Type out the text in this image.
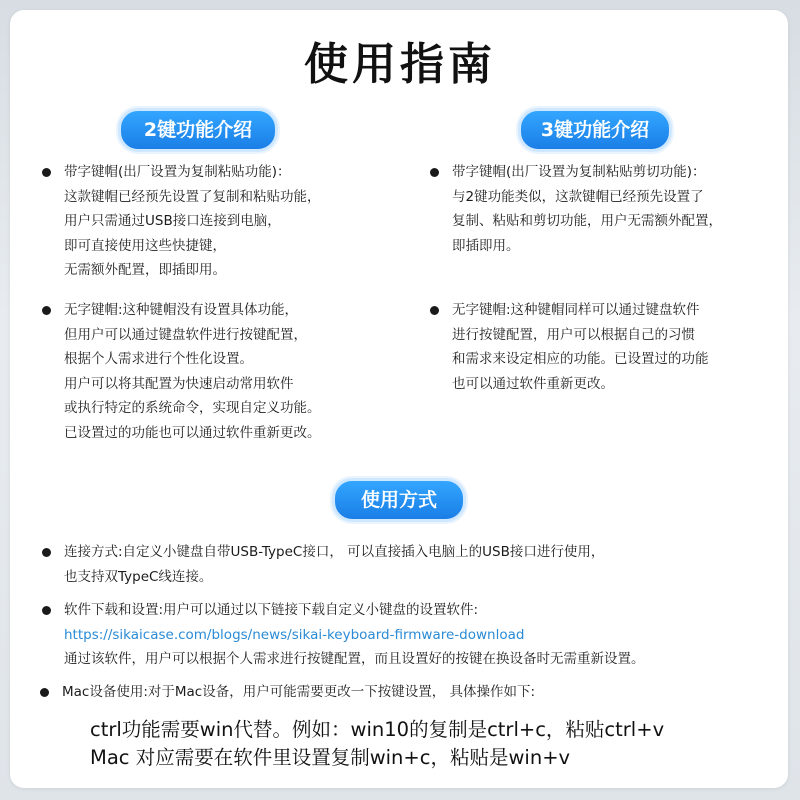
使用指南
2键功能介绍	3键功能介绍
带字键帽(出厂设置为复制粘贴功能)：
这款键帽已经预先设置了复制和粘贴功能，
用户只需通过USB接口连接到电脑，
即可直接使用这些快捷键，
无需额外配置，即插即用。
无字键帽:这种键帽没有设置具体功能，
但用户可以通过键盘软件进行按键配置，
根据个人需求进行个性化设置。
用户可以将其配置为快速启动常用软件
或执行特定的系统命令，实现自定义功能。
已设置过的功能也可以通过软件重新更改。
带字键帽(出厂设置为复制粘贴剪切功能)：
与2键功能类似，这款键帽已经预先设置了
复制、粘贴和剪切功能，用户无需额外配置，
即插即用。
无字键帽:这种键帽同样可以通过键盘软件
进行按键配置，用户可以根据自己的习惯
和需求来设定相应的功能。已设置过的功能
也可以通过软件重新更改。
使用方式
连接方式:自定义小键盘自带USB-TypeC接口， 可以直接插入电脑上的USB接口进行使用，
也支持双TypeC线连接。
软件下载和设置:用户可以通过以下链接下载自定义小键盘的设置软件:
https://sikaicase.com/blogs/news/sikai-keyboard-firmware-download
通过该软件，用户可以根据个人需求进行按键配置，而且设置好的按键在换设备时无需重新设置。
Mac设备使用:对于Mac设备，用户可能需要更改一下按键设置， 具体操作如下:
ctrl功能需要win代替。例如：win10的复制是ctrl+c，粘贴ctrl+v
Mac 对应需要在软件里设置复制win+c，粘贴是win+v
